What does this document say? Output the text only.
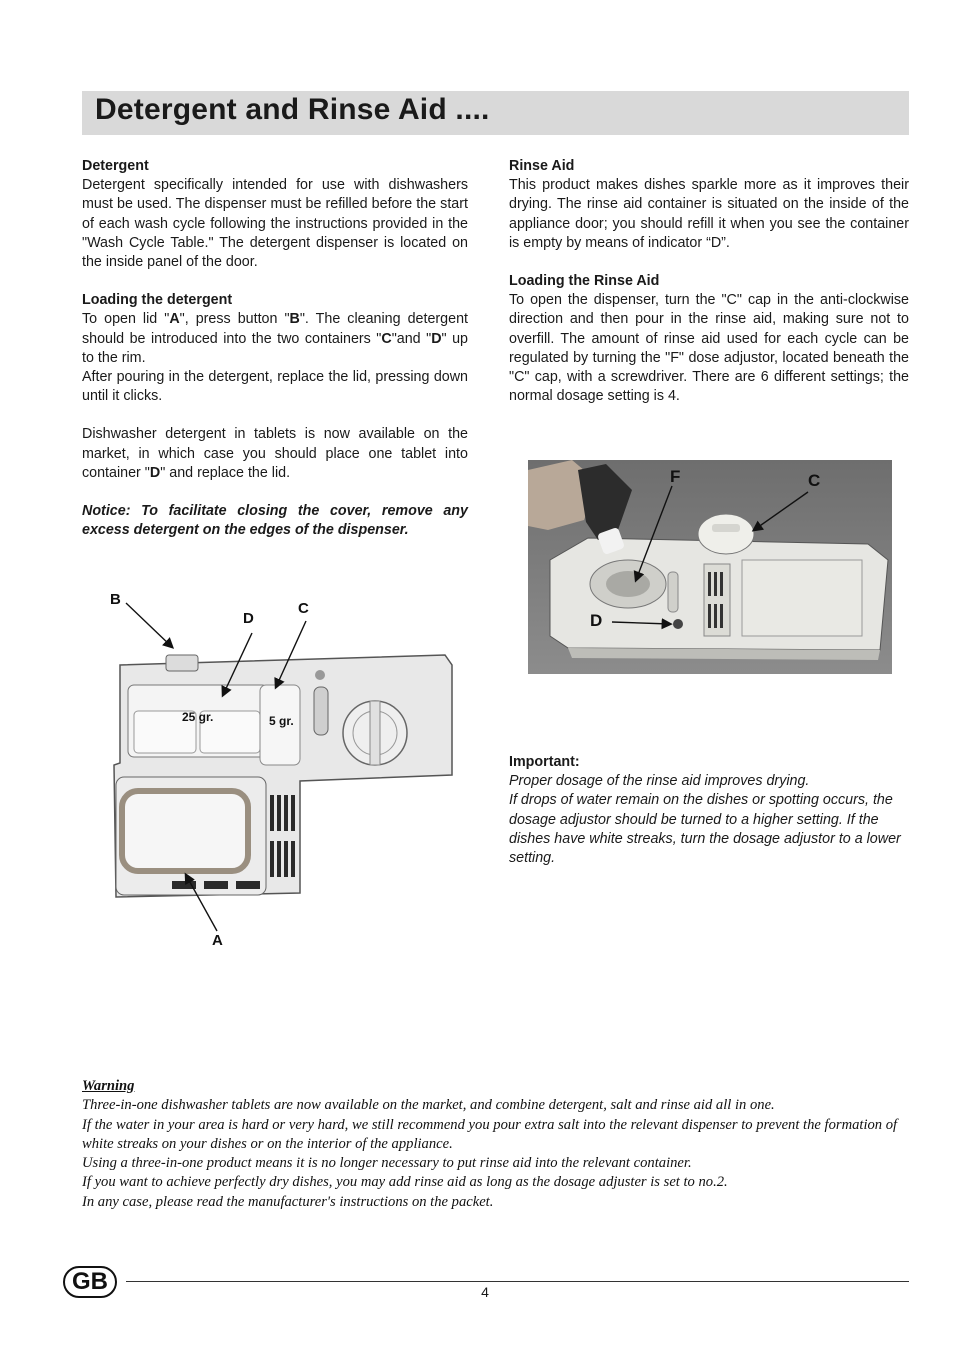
Detergent and Rinse Aid ....

Detergent

Detergent specifically intended for use with dishwashers must be used. The dispenser must be refilled before the start of each wash cycle following the instructions provided in the "Wash Cycle Table." The detergent dispenser is located on the inside panel of the door.

Loading the detergent

To open lid "A", press button "B". The cleaning detergent should be introduced into the two containers "C"and "D" up to the rim.

After pouring in the detergent, replace the lid, pressing down until it clicks.

Dishwasher detergent in tablets is now available on the market, in which case you should place one tablet into container "D" and replace the lid.

Notice: To facilitate closing the cover, remove any excess detergent on the edges of the dispenser.

25 gr.	5 gr.
B
D
C
A

Rinse Aid

This product makes dishes sparkle more as it improves their drying. The rinse aid container is situated on the inside of the appliance door; you should refill it when you see the container is empty by means of indicator “D”.

Loading the Rinse Aid

To open the dispenser, turn the "C" cap in the anti-clockwise direction and then pour in the rinse aid, making sure not to overfill. The amount of rinse aid used for each cycle can be regulated by turning the "F" dose adjustor, located beneath the "C" cap, with a screwdriver. There are 6 different settings; the normal dosage setting is 4.

F	C
D

Important:

Proper dosage of the rinse aid improves drying.

If drops of water remain on the dishes or spotting occurs, the dosage adjustor should be turned to a higher setting. If the dishes have white streaks, turn the dosage adjustor to a lower setting.

Warning

Three-in-one dishwasher tablets are now available on the market, and combine detergent, salt and rinse aid all in one.

If the water in your area is hard or very hard, we still recommend you pour extra salt into the relevant dispenser to prevent the formation of white streaks on your dishes or on the interior of the appliance.

Using a three-in-one product means it is no longer necessary to put rinse aid into the relevant container.

If you want to achieve perfectly dry dishes, you may add rinse aid as long as the dosage adjuster is set to no.2.

In any case, please read the manufacturer's instructions on the packet.

GB	4
